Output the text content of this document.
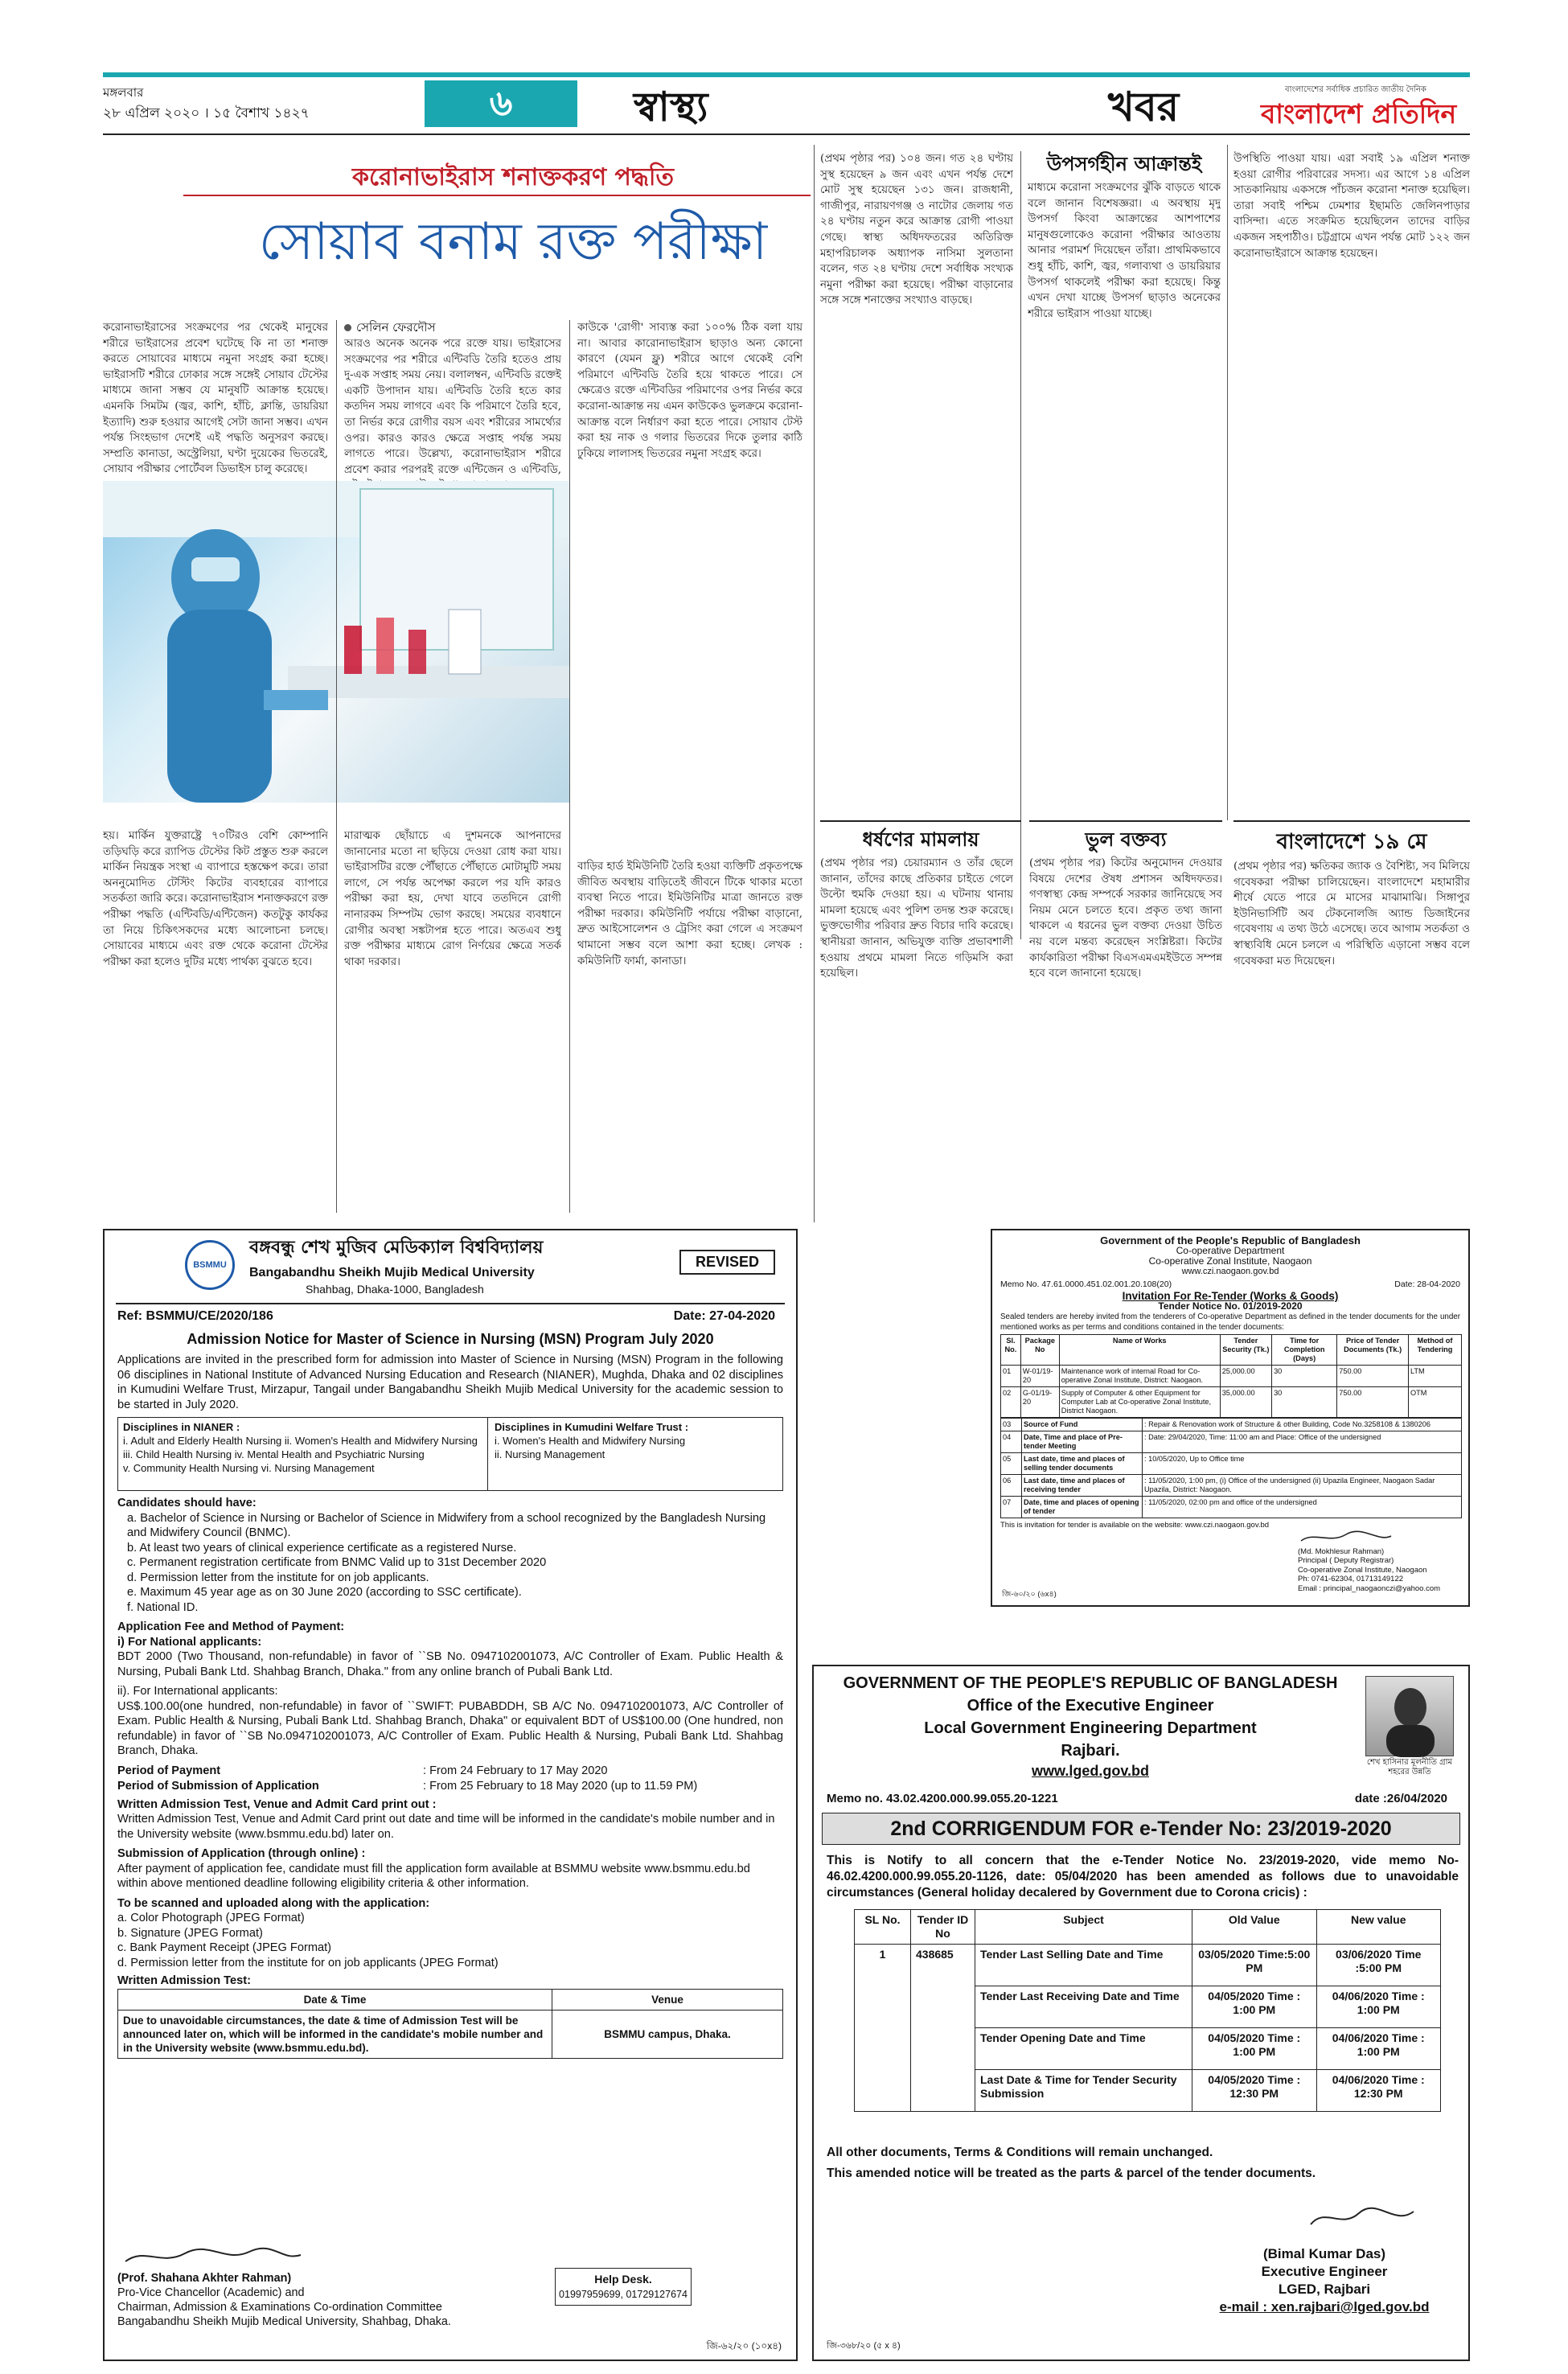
মঙ্গলবার
২৮ এপ্রিল ২০২০ । ১৫ বৈশাখ ১৪২৭	৬	স্বাস্থ্য	খবর	বাংলাদেশের সর্বাধিক প্রচারিত জাতীয় দৈনিক
বাংলাদেশ প্রতিদিন
করোনাভাইরাস শনাক্তকরণ পদ্ধতি
সোয়াব বনাম রক্ত পরীক্ষা
করোনাভাইরাসের সংক্রমণের পর থেকেই মানুষের শরীরে ভাইরাসের প্রবেশ ঘটেছে কি না তা শনাক্ত করতে সোয়াবের মাধ্যমে নমুনা সংগ্রহ করা হচ্ছে। ভাইরাসটি শরীরে ঢোকার সঙ্গে সঙ্গেই সোয়াব টেস্টের মাধ্যমে জানা সম্ভব যে মানুষটি আক্রান্ত হয়েছে। এমনকি সিমটম (জ্বর, কাশি, হাঁচি, ক্লান্তি, ডায়রিয়া ইত্যাদি) শুরু হওয়ার আগেই সেটা জানা সম্ভব। এখন পর্যন্ত সিংহভাগ দেশেই এই পদ্ধতি অনুসরণ করছে। সম্প্রতি কানাডা, অস্ট্রেলিয়া, ঘণ্টা দুয়েকের ভিতরেই, সোয়াব পরীক্ষার পোর্টেবল ডিভাইস চালু করেছে।
সেলিন ফেরদৌস
আরও অনেক অনেক পরে রক্তে যায়। ভাইরাসের সংক্রমণের পর শরীরে এন্টিবডি তৈরি হতেও প্রায় দু-এক সপ্তাহ সময় নেয়। বলালম্বন, এন্টিবডি রক্তেই একটি উপাদান যায়। এন্টিবডি তৈরি হতে কার কতদিন সময় লাগবে এবং কি পরিমাণে তৈরি হবে, তা নির্ভর করে রোগীর বয়স এবং শরীরের সামর্থ্যের ওপর। কারও কারও ক্ষেত্রে সপ্তাহ পর্যন্ত সময় লাগতে পারে। উল্লেখ্য, করোনাভাইরাস শরীরে প্রবেশ করার পরপরই রক্তে এন্টিজেন ও এন্টিবডি,
কাউকে 'রোগী' সাব্যস্ত করা ১০০% ঠিক বলা যায় না। আবার কারোনাভাইরাস ছাড়াও অন্য কোনো কারণে (যেমন ফ্লু) শরীরে আগে থেকেই বেশি পরিমাণে এন্টিবডি তৈরি হয়ে থাকতে পারে। সে ক্ষেত্রেও রক্তে এন্টিবডির পরিমাণের ওপর নির্ভর করে করোনা-আক্রান্ত নয় এমন কাউকেও ভুলক্রমে করোনা-আক্রান্ত বলে নির্ধারণ করা হতে পারে। সোয়াব টেস্ট করা হয় নাক ও গলার ভিতরের দিকে তুলার কাঠি ঢুকিয়ে লালাসহ ভিতরের নমুনা সংগ্রহ করে।
হয়। মার্কিন যুক্তরাষ্ট্রে ৭০টিরও বেশি কোম্পানি তড়িঘড়ি করে র‍্যাপিড টেস্টের কিট প্রস্তুত শুরু করলে মার্কিন নিয়ন্ত্রক সংস্থা এ ব্যাপারে হস্তক্ষেপ করে। তারা অননুমোদিত টেস্টিং কিটের ব্যবহারের ব্যাপারে সতর্কতা জারি করে। করোনাভাইরাস শনাক্তকরণে রক্ত পরীক্ষা পদ্ধতি (এন্টিবডি/এন্টিজেন) কতটুকু কার্যকর তা নিয়ে চিকিৎসকদের মধ্যে আলোচনা চলছে। সোয়াবের মাধ্যমে এবং রক্ত থেকে করোনা টেস্টের পরীক্ষা করা হলেও দুটির মধ্যে পার্থক্য বুঝতে হবে।
মারাত্মক ছোঁয়াচে এ দুশমনকে আপনাদের জানানোর মতো না ছড়িয়ে দেওয়া রোধ করা যায়। ভাইরাসটির রক্তে পৌঁছাতে পৌঁছাতে মোটামুটি সময় লাগে, সে পর্যন্ত অপেক্ষা করলে পর যদি কারও পরীক্ষা করা হয়, দেখা যাবে ততদিনে রোগী নানারকম সিম্পটম ভোগ করছে। সময়ের ব্যবধানে রোগীর অবস্থা সঙ্কটাপন্ন হতে পারে। অতএব শুধু রক্ত পরীক্ষার মাধ্যমে রোগ নির্ণয়ের ক্ষেত্রে সতর্ক থাকা দরকার।
বাড়ির হার্ড ইমিউনিটি তৈরি হওয়া ব্যক্তিটি প্রকৃতপক্ষে জীবিত অবস্থায় বাড়িতেই জীবনে টিকে থাকার মতো ব্যবস্থা নিতে পারে। ইমিউনিটির মাত্রা জানতে রক্ত পরীক্ষা দরকার। কমিউনিটি পর্যায়ে পরীক্ষা বাড়ানো, দ্রুত আইসোলেশন ও ট্রেসিং করা গেলে এ সংক্রমণ থামানো সম্ভব বলে আশা করা হচ্ছে। লেখক : কমিউনিটি ফার্মা, কানাডা।
(প্রথম পৃষ্ঠার পর) ১০৪ জন। গত ২৪ ঘণ্টায় সুস্থ হয়েছেন ৯ জন এবং এখন পর্যন্ত দেশে মোট সুস্থ হয়েছেন ১৩১ জন। রাজধানী, গাজীপুর, নারায়ণগঞ্জ ও নাটোর জেলায় গত ২৪ ঘণ্টায় নতুন করে আক্রান্ত রোগী পাওয়া গেছে। স্বাস্থ্য অধিদফতরের অতিরিক্ত মহাপরিচালক অধ্যাপক নাসিমা সুলতানা বলেন, গত ২৪ ঘণ্টায় দেশে সর্বাধিক সংখ্যক নমুনা পরীক্ষা করা হয়েছে। পরীক্ষা বাড়ানোর সঙ্গে সঙ্গে শনাক্তের সংখ্যাও বাড়ছে।
উপসর্গহীন আক্রান্তই
মাধ্যমে করোনা সংক্রমণের ঝুঁকি বাড়তে থাকে বলে জানান বিশেষজ্ঞরা। এ অবস্থায় মৃদু উপসর্গ কিংবা আক্রান্তের আশপাশের মানুষগুলোকেও করোনা পরীক্ষার আওতায় আনার পরামর্শ দিয়েছেন তাঁরা। প্রাথমিকভাবে শুধু হাঁচি, কাশি, জ্বর, গলাব্যথা ও ডায়রিয়ার উপসর্গ থাকলেই পরীক্ষা করা হয়েছে। কিন্তু এখন দেখা যাচ্ছে উপসর্গ ছাড়াও অনেকের শরীরে ভাইরাস পাওয়া যাচ্ছে।
উপস্থিতি পাওয়া যায়। এরা সবাই ১৯ এপ্রিল শনাক্ত হওয়া রোগীর পরিবারের সদস্য। এর আগে ১৪ এপ্রিল সাতকানিয়ায় একসঙ্গে পাঁচজন করোনা শনাক্ত হয়েছিল। তারা সবাই পশ্চিম ঢেমশার ইছামতি জেলিনপাড়ার বাসিন্দা। এতে সংক্রমিত হয়েছিলেন তাদের বাড়ির একজন সহপাঠীও। চট্টগ্রামে এখন পর্যন্ত মোট ১২২ জন করোনাভাইরাসে আক্রান্ত হয়েছেন।
বাংলাদেশে ১৯ মে
(প্রথম পৃষ্ঠার পর) ক্ষতিকর জ্যাক ও বৈশিষ্ট্য, সব মিলিয়ে গবেষকরা পরীক্ষা চালিয়েছেন। বাংলাদেশে মহামারীর শীর্ষে যেতে পারে মে মাসের মাঝামাঝি। সিঙ্গাপুর ইউনিভার্সিটি অব টেকনোলজি অ্যান্ড ডিজাইনের গবেষণায় এ তথ্য উঠে এসেছে। তবে আগাম সতর্কতা ও স্বাস্থ্যবিধি মেনে চললে এ পরিস্থিতি এড়ানো সম্ভব বলে গবেষকরা মত দিয়েছেন।
ধর্ষণের মামলায়
(প্রথম পৃষ্ঠার পর) চেয়ারম্যান ও তাঁর ছেলে জানান, তাঁদের কাছে প্রতিকার চাইতে গেলে উল্টো হুমকি দেওয়া হয়। এ ঘটনায় থানায় মামলা হয়েছে এবং পুলিশ তদন্ত শুরু করেছে। ভুক্তভোগীর পরিবার দ্রুত বিচার দাবি করেছে। স্থানীয়রা জানান, অভিযুক্ত ব্যক্তি প্রভাবশালী হওয়ায় প্রথমে মামলা নিতে গড়িমসি করা হয়েছিল।
ভুল বক্তব্য
(প্রথম পৃষ্ঠার পর) কিটের অনুমোদন দেওয়ার বিষয়ে দেশের ঔষধ প্রশাসন অধিদফতর। গণস্বাস্থ্য কেন্দ্র সম্পর্কে সরকার জানিয়েছে সব নিয়ম মেনে চলতে হবে। প্রকৃত তথ্য জানা থাকলে এ ধরনের ভুল বক্তব্য দেওয়া উচিত নয় বলে মন্তব্য করেছেন সংশ্লিষ্টরা। কিটের কার্যকারিতা পরীক্ষা বিএসএমএমইউতে সম্পন্ন হবে বলে জানানো হয়েছে।
BSMMU
বঙ্গবন্ধু শেখ মুজিব মেডিক্যাল বিশ্ববিদ্যালয়
Bangabandhu Sheikh Mujib Medical University
Shahbag, Dhaka-1000, Bangladesh
REVISED
Ref: BSMMU/CE/2020/186	Date: 27-04-2020
Admission Notice for Master of Science in Nursing (MSN) Program July 2020
Applications are invited in the prescribed form for admission into Master of Science in Nursing (MSN) Program in the following 06 disciplines in National Institute of Advanced Nursing Education and Research (NIANER), Mughda, Dhaka and 02 disciplines in Kumudini Welfare Trust, Mirzapur, Tangail under Bangabandhu Sheikh Mujib Medical University for the academic session to be started in July 2020.
Disciplines in NIANER :
i. Adult and Elderly Health Nursing ii. Women's Health and Midwifery Nursing
iii. Child Health Nursing iv. Mental Health and Psychiatric Nursing
v. Community Health Nursing vi. Nursing Management
Disciplines in Kumudini Welfare Trust :
i. Women's Health and Midwifery Nursing
ii. Nursing Management
Candidates should have:
a. Bachelor of Science in Nursing or Bachelor of Science in Midwifery from a school recognized by the Bangladesh Nursing and Midwifery Council (BNMC).
b. At least two years of clinical experience certificate as a registered Nurse.
c. Permanent registration certificate from BNMC Valid up to 31st December 2020
d. Permission letter from the institute for on job applicants.
e. Maximum 45 year age as on 30 June 2020 (according to SSC certificate).
f. National ID.
Application Fee and Method of Payment:
i) For National applicants:
BDT 2000 (Two Thousand, non-refundable) in favor of ``SB No. 0947102001073, A/C Controller of Exam. Public Health & Nursing, Pubali Bank Ltd. Shahbag Branch, Dhaka." from any online branch of Pubali Bank Ltd.
ii). For International applicants:
US$.100.00(one hundred, non-refundable) in favor of ``SWIFT: PUBABDDH, SB A/C No. 0947102001073, A/C Controller of Exam. Public Health & Nursing, Pubali Bank Ltd. Shahbag Branch, Dhaka" or equivalent BDT of US$100.00 (One hundred, non refundable) in favor of ``SB No.0947102001073, A/C Controller of Exam. Public Health & Nursing, Pubali Bank Ltd. Shahbag Branch, Dhaka.
Period of Payment	: From 24 February to 17 May 2020
Period of Submission of Application	: From 25 February to 18 May 2020 (up to 11.59 PM)
Written Admission Test, Venue and Admit Card print out :
Written Admission Test, Venue and Admit Card print out date and time will be informed in the candidate's mobile number and in the University website (www.bsmmu.edu.bd) later on.
Submission of Application (through online) :
After payment of application fee, candidate must fill the application form available at BSMMU website www.bsmmu.edu.bd within above mentioned deadline following eligibility criteria & other information.
To be scanned and uploaded along with the application:
a. Color Photograph (JPEG Format)
b. Signature (JPEG Format)
c. Bank Payment Receipt (JPEG Format)
d. Permission letter from the institute for on job applicants (JPEG Format)
Written Admission Test:
Date & Time	Venue
Due to unavoidable circumstances, the date & time of Admission Test will be announced later on, which will be informed in the candidate's mobile number and in the University website (www.bsmmu.edu.bd).	BSMMU campus, Dhaka.
(Prof. Shahana Akhter Rahman)
Pro-Vice Chancellor (Academic) and
Chairman, Admission & Examinations Co-ordination Committee
Bangabandhu Sheikh Mujib Medical University, Shahbag, Dhaka.
Help Desk.
01997959699, 01729127674
জি-৬২/২০ (১০x৪)
Government of the People's Republic of Bangladesh
Co-operative Department
Co-operative Zonal Institute, Naogaon
www.czi.naogaon.gov.bd
Memo No. 47.61.0000.451.02.001.20.108(20)	Date: 28-04-2020
Invitation For Re-Tender (Works & Goods)
Tender Notice No. 01/2019-2020
Sealed tenders are hereby invited from the tenderers of Co-operative Department as defined in the tender documents for the under mentioned works as per terms and conditions contained in the tender documents:
Sl. No.	Package No	Name of Works	Tender Security (Tk.)	Time for Completion (Days)	Price of Tender Documents (Tk.)	Method of Tendering
01	W-01/19-20	Maintenance work of internal Road for Co-operative Zonal Institute, District: Naogaon.	25,000.00	30	750.00	LTM
02	G-01/19-20	Supply of Computer & other Equipment for Computer Lab at Co-operative Zonal Institute, District Naogaon.	35,000.00	30	750.00	OTM
03	Source of Fund	: Repair & Renovation work of Structure & other Building, Code No.3258108 & 1380206
04	Date, Time and place of Pre-tender Meeting	: Date: 29/04/2020, Time: 11:00 am and Place: Office of the undersigned
05	Last date, time and places of selling tender documents	: 10/05/2020, Up to Office time
06	Last date, time and places of receiving tender	: 11/05/2020, 1:00 pm, (i) Office of the undersigned (ii) Upazila Engineer, Naogaon Sadar Upazila, District: Naogaon.
07	Date, time and places of opening of tender	: 11/05/2020, 02:00 pm and office of the undersigned
This is invitation for tender is available on the website: www.czi.naogaon.gov.bd
(Md. Mokhlesur Rahman)
Principal ( Deputy Registrar)
Co-operative Zonal Institute, Naogaon
Ph: 0741-62304, 01713149122
Email : principal_naogaonczi@yahoo.com
জি-৬০/২০ (৬x৪)
GOVERNMENT OF THE PEOPLE'S REPUBLIC OF BANGLADESH
Office of the Executive Engineer
Local Government Engineering Department
Rajbari.
www.lged.gov.bd
শেখ হাসিনার মূলনীতি গ্রাম শহরের উন্নতি
Memo no. 43.02.4200.000.99.055.20-1221	date :26/04/2020
2nd CORRIGENDUM FOR e-Tender No: 23/2019-2020
This is Notify to all concern that the e-Tender Notice No. 23/2019-2020, vide memo No- 46.02.4200.000.99.055.20-1126, date: 05/04/2020 has been amended as follows due to unavoidable circumstances (General holiday decalered by Government due to Corona cricis) :
SL No.	Tender ID No	Subject	Old Value	New value
1	438685	Tender Last Selling Date and Time	03/05/2020 Time:5:00 PM	03/06/2020 Time :5:00 PM
		Tender Last Receiving Date and Time	04/05/2020 Time : 1:00 PM	04/06/2020 Time : 1:00 PM
		Tender Opening Date and Time	04/05/2020 Time : 1:00 PM	04/06/2020 Time : 1:00 PM
		Last Date & Time for Tender Security Submission	04/05/2020 Time : 12:30 PM	04/06/2020 Time : 12:30 PM
All other documents, Terms & Conditions will remain unchanged.
This amended notice will be treated as the parts & parcel of the tender documents.
(Bimal Kumar Das)
Executive Engineer
LGED, Rajbari
e-mail : xen.rajbari@lged.gov.bd
জি-৩৬৮/২০ (৫ x ৪)
